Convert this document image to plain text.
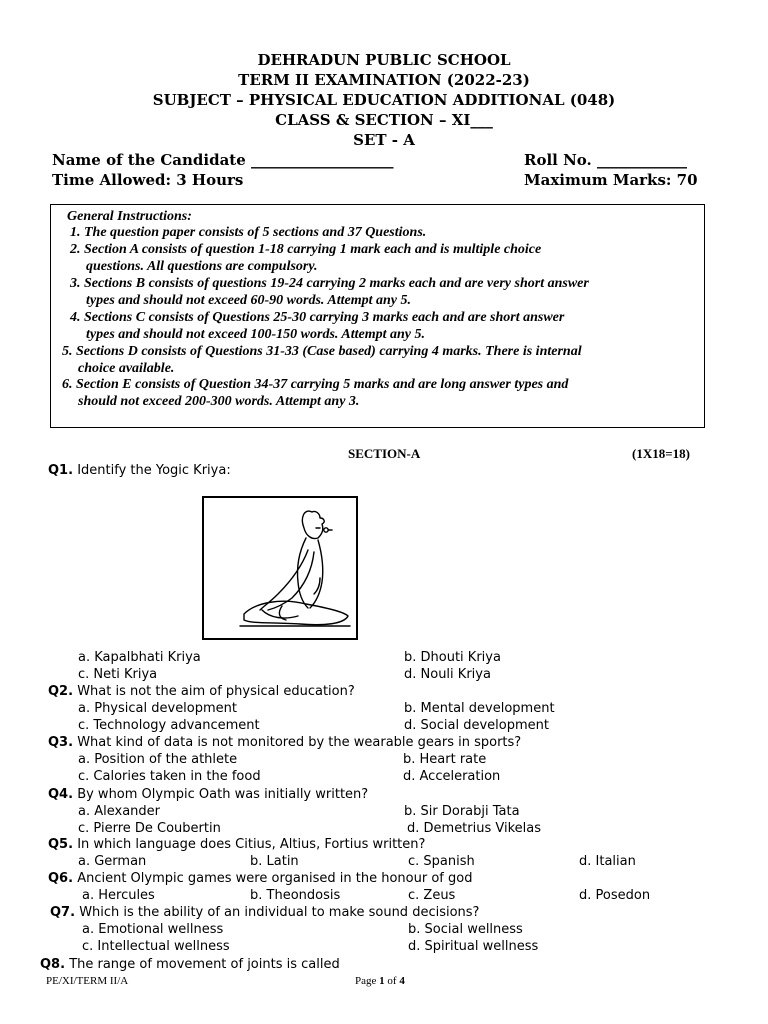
DEHRADUN PUBLIC SCHOOL
TERM II EXAMINATION (2022-23)
SUBJECT – PHYSICAL EDUCATION ADDITIONAL (048)
CLASS & SECTION – XI___
SET - A
Name of the Candidate ___________________	Roll No. ____________
Time Allowed: 3 Hours	Maximum Marks: 70
General Instructions:
1. The question paper consists of 5 sections and 37 Questions.
2. Section A consists of question 1-18 carrying 1 mark each and is multiple choice
questions. All questions are compulsory.
3. Sections B consists of questions 19-24 carrying 2 marks each and are very short answer
types and should not exceed 60-90 words. Attempt any 5.
4. Sections C consists of Questions 25-30 carrying 3 marks each and are short answer
types and should not exceed 100-150 words. Attempt any 5.
5. Sections D consists of Questions 31-33 (Case based) carrying 4 marks. There is internal
choice available.
6. Section E consists of Question 34-37 carrying 5 marks and are long answer types and
should not exceed 200-300 words. Attempt any 3.
SECTION-A	(1X18=18)
Q1. Identify the Yogic Kriya:
a. Kapalbhati Kriya	b. Dhouti Kriya
c. Neti Kriya	d. Nouli Kriya
Q2. What is not the aim of physical education?
a. Physical development	b. Mental development
c. Technology advancement	d. Social development
Q3. What kind of data is not monitored by the wearable gears in sports?
a. Position of the athlete	b. Heart rate
c. Calories taken in the food	d. Acceleration
Q4. By whom Olympic Oath was initially written?
a. Alexander	b. Sir Dorabji Tata
c. Pierre De Coubertin	d. Demetrius Vikelas
Q5. In which language does Citius, Altius, Fortius written?
a. German	b. Latin	c. Spanish	d. Italian
Q6. Ancient Olympic games were organised in the honour of god
a. Hercules	b. Theondosis	c. Zeus	d. Posedon
Q7. Which is the ability of an individual to make sound decisions?
a. Emotional wellness	b. Social wellness
c. Intellectual wellness	d. Spiritual wellness
Q8. The range of movement of joints is called
PE/XI/TERM II/A	Page 1 of 4
